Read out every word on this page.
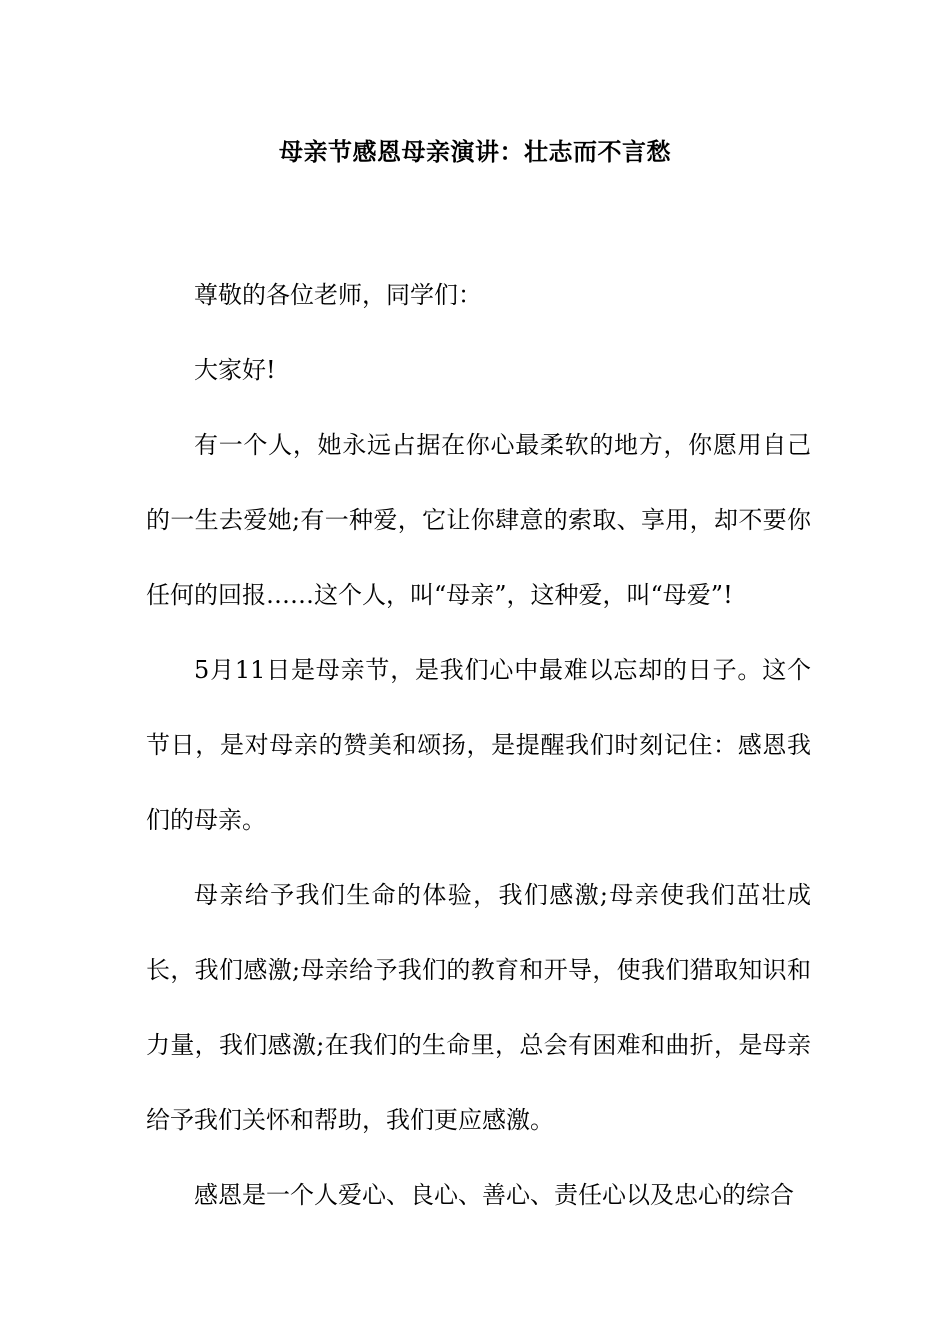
母亲节感恩母亲演讲：壮志而不言愁

尊敬的各位老师，同学们：

大家好!

有一个人，她永远占据在你心最柔软的地方，你愿用自己的一生去爱她;有一种爱，它让你肆意的索取、享用，却不要你任何的回报……这个人，叫“母亲”，这种爱，叫“母爱”!

5月11日是母亲节，是我们心中最难以忘却的日子。这个节日，是对母亲的赞美和颂扬，是提醒我们时刻记住：感恩我们的母亲。

母亲给予我们生命的体验，我们感激;母亲使我们茁壮成长，我们感激;母亲给予我们的教育和开导，使我们猎取知识和力量，我们感激;在我们的生命里，总会有困难和曲折，是母亲给予我们关怀和帮助，我们更应感激。

感恩是一个人爱心、良心、善心、责任心以及忠心的综合
